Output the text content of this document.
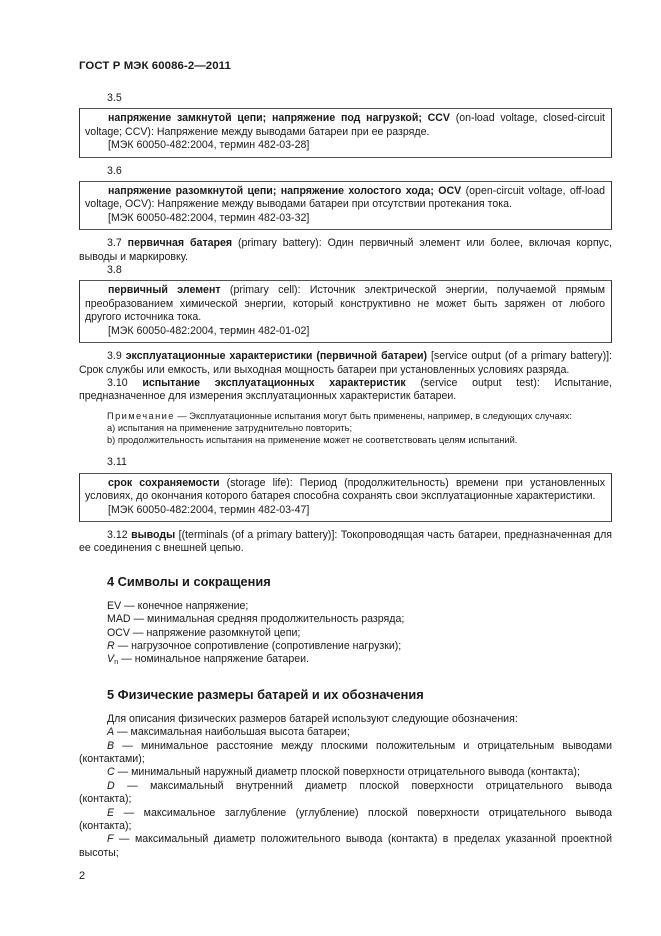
ГОСТ Р МЭК 60086-2—2011

3.5

напряжение замкнутой цепи; напряжение под нагрузкой; CCV (on-load voltage, closed-circuit voltage; CCV): Напряжение между выводами батареи при ее разряде.

[МЭК 60050-482:2004, термин 482-03-28]

3.6

напряжение разомкнутой цепи; напряжение холостого хода; OCV (open-circuit voltage, off-load voltage, OCV): Напряжение между выводами батареи при отсутствии протекания тока.

[МЭК 60050-482:2004, термин 482-03-32]

3.7 первичная батарея (primary battery): Один первичный элемент или более, включая корпус, выводы и маркировку.

3.8

первичный элемент (primary cell): Источник электрической энергии, получаемой прямым преобразованием химической энергии, который конструктивно не может быть заряжен от любого другого источника тока.

[МЭК 60050-482:2004, термин 482-01-02]

3.9 эксплуатационные характеристики (первичной батареи) [service output (of a primary battery)]: Срок службы или емкость, или выходная мощность батареи при установленных условиях разряда.

3.10 испытание эксплуатационных характеристик (service output test): Испытание, предназначенное для измерения эксплуатационных характеристик батареи.

Примечание — Эксплуатационные испытания могут быть применены, например, в следующих случаях:

а) испытания на применение затруднительно повторить;

b) продолжительность испытания на применение может не соответствовать целям испытаний.

3.11

срок сохраняемости (storage life): Период (продолжительность) времени при установленных условиях, до окончания которого батарея способна сохранять свои эксплуатационные характеристики.

[МЭК 60050-482:2004, термин 482-03-47]

3.12 выводы [(terminals (of a primary battery)]: Токопроводящая часть батареи, предназначенная для ее соединения с внешней цепью.

4 Символы и сокращения

EV — конечное напряжение;

MAD — минимальная средняя продолжительность разряда;

OCV — напряжение разомкнутой цепи;

R — нагрузочное сопротивление (сопротивление нагрузки);

$V_n$ — номинальное напряжение батареи.

5 Физические размеры батарей и их обозначения

Для описания физических размеров батарей используют следующие обозначения:

A — максимальная наибольшая высота батареи;

B — минимальное расстояние между плоскими положительным и отрицательным выводами (контактами);

C — минимальный наружный диаметр плоской поверхности отрицательного вывода (контакта);

D — максимальный внутренний диаметр плоской поверхности отрицательного вывода (контакта);

E — максимальное заглубление (углубление) плоской поверхности отрицательного вывода (контакта);

F — максимальный диаметр положительного вывода (контакта) в пределах указанной проектной высоты;

2
